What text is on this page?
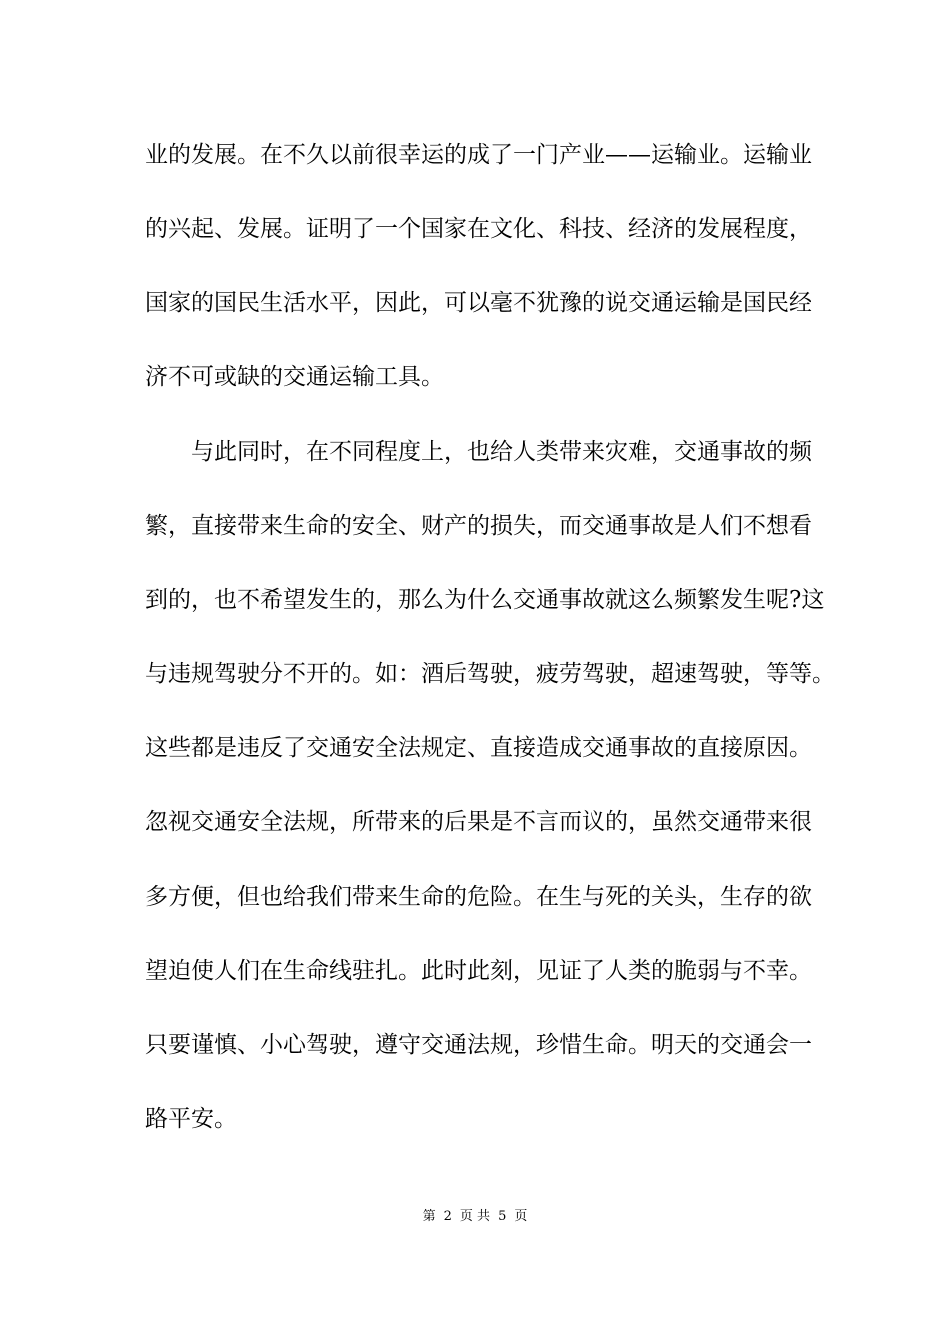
业的发展。在不久以前很幸运的成了一门产业——运输业。运输业

的兴起、发展。证明了一个国家在文化、科技、经济的发展程度，

国家的国民生活水平，因此，可以毫不犹豫的说交通运输是国民经

济不可或缺的交通运输工具。

与此同时，在不同程度上，也给人类带来灾难，交通事故的频

繁，直接带来生命的安全、财产的损失，而交通事故是人们不想看

到的，也不希望发生的，那么为什么交通事故就这么频繁发生呢?这

与违规驾驶分不开的。如：酒后驾驶，疲劳驾驶，超速驾驶，等等。

这些都是违反了交通安全法规定、直接造成交通事故的直接原因。

忽视交通安全法规，所带来的后果是不言而议的，虽然交通带来很

多方便，但也给我们带来生命的危险。在生与死的关头，生存的欲

望迫使人们在生命线驻扎。此时此刻，见证了人类的脆弱与不幸。

只要谨慎、小心驾驶，遵守交通法规，珍惜生命。明天的交通会一

路平安。

第 2 页 共 5 页
